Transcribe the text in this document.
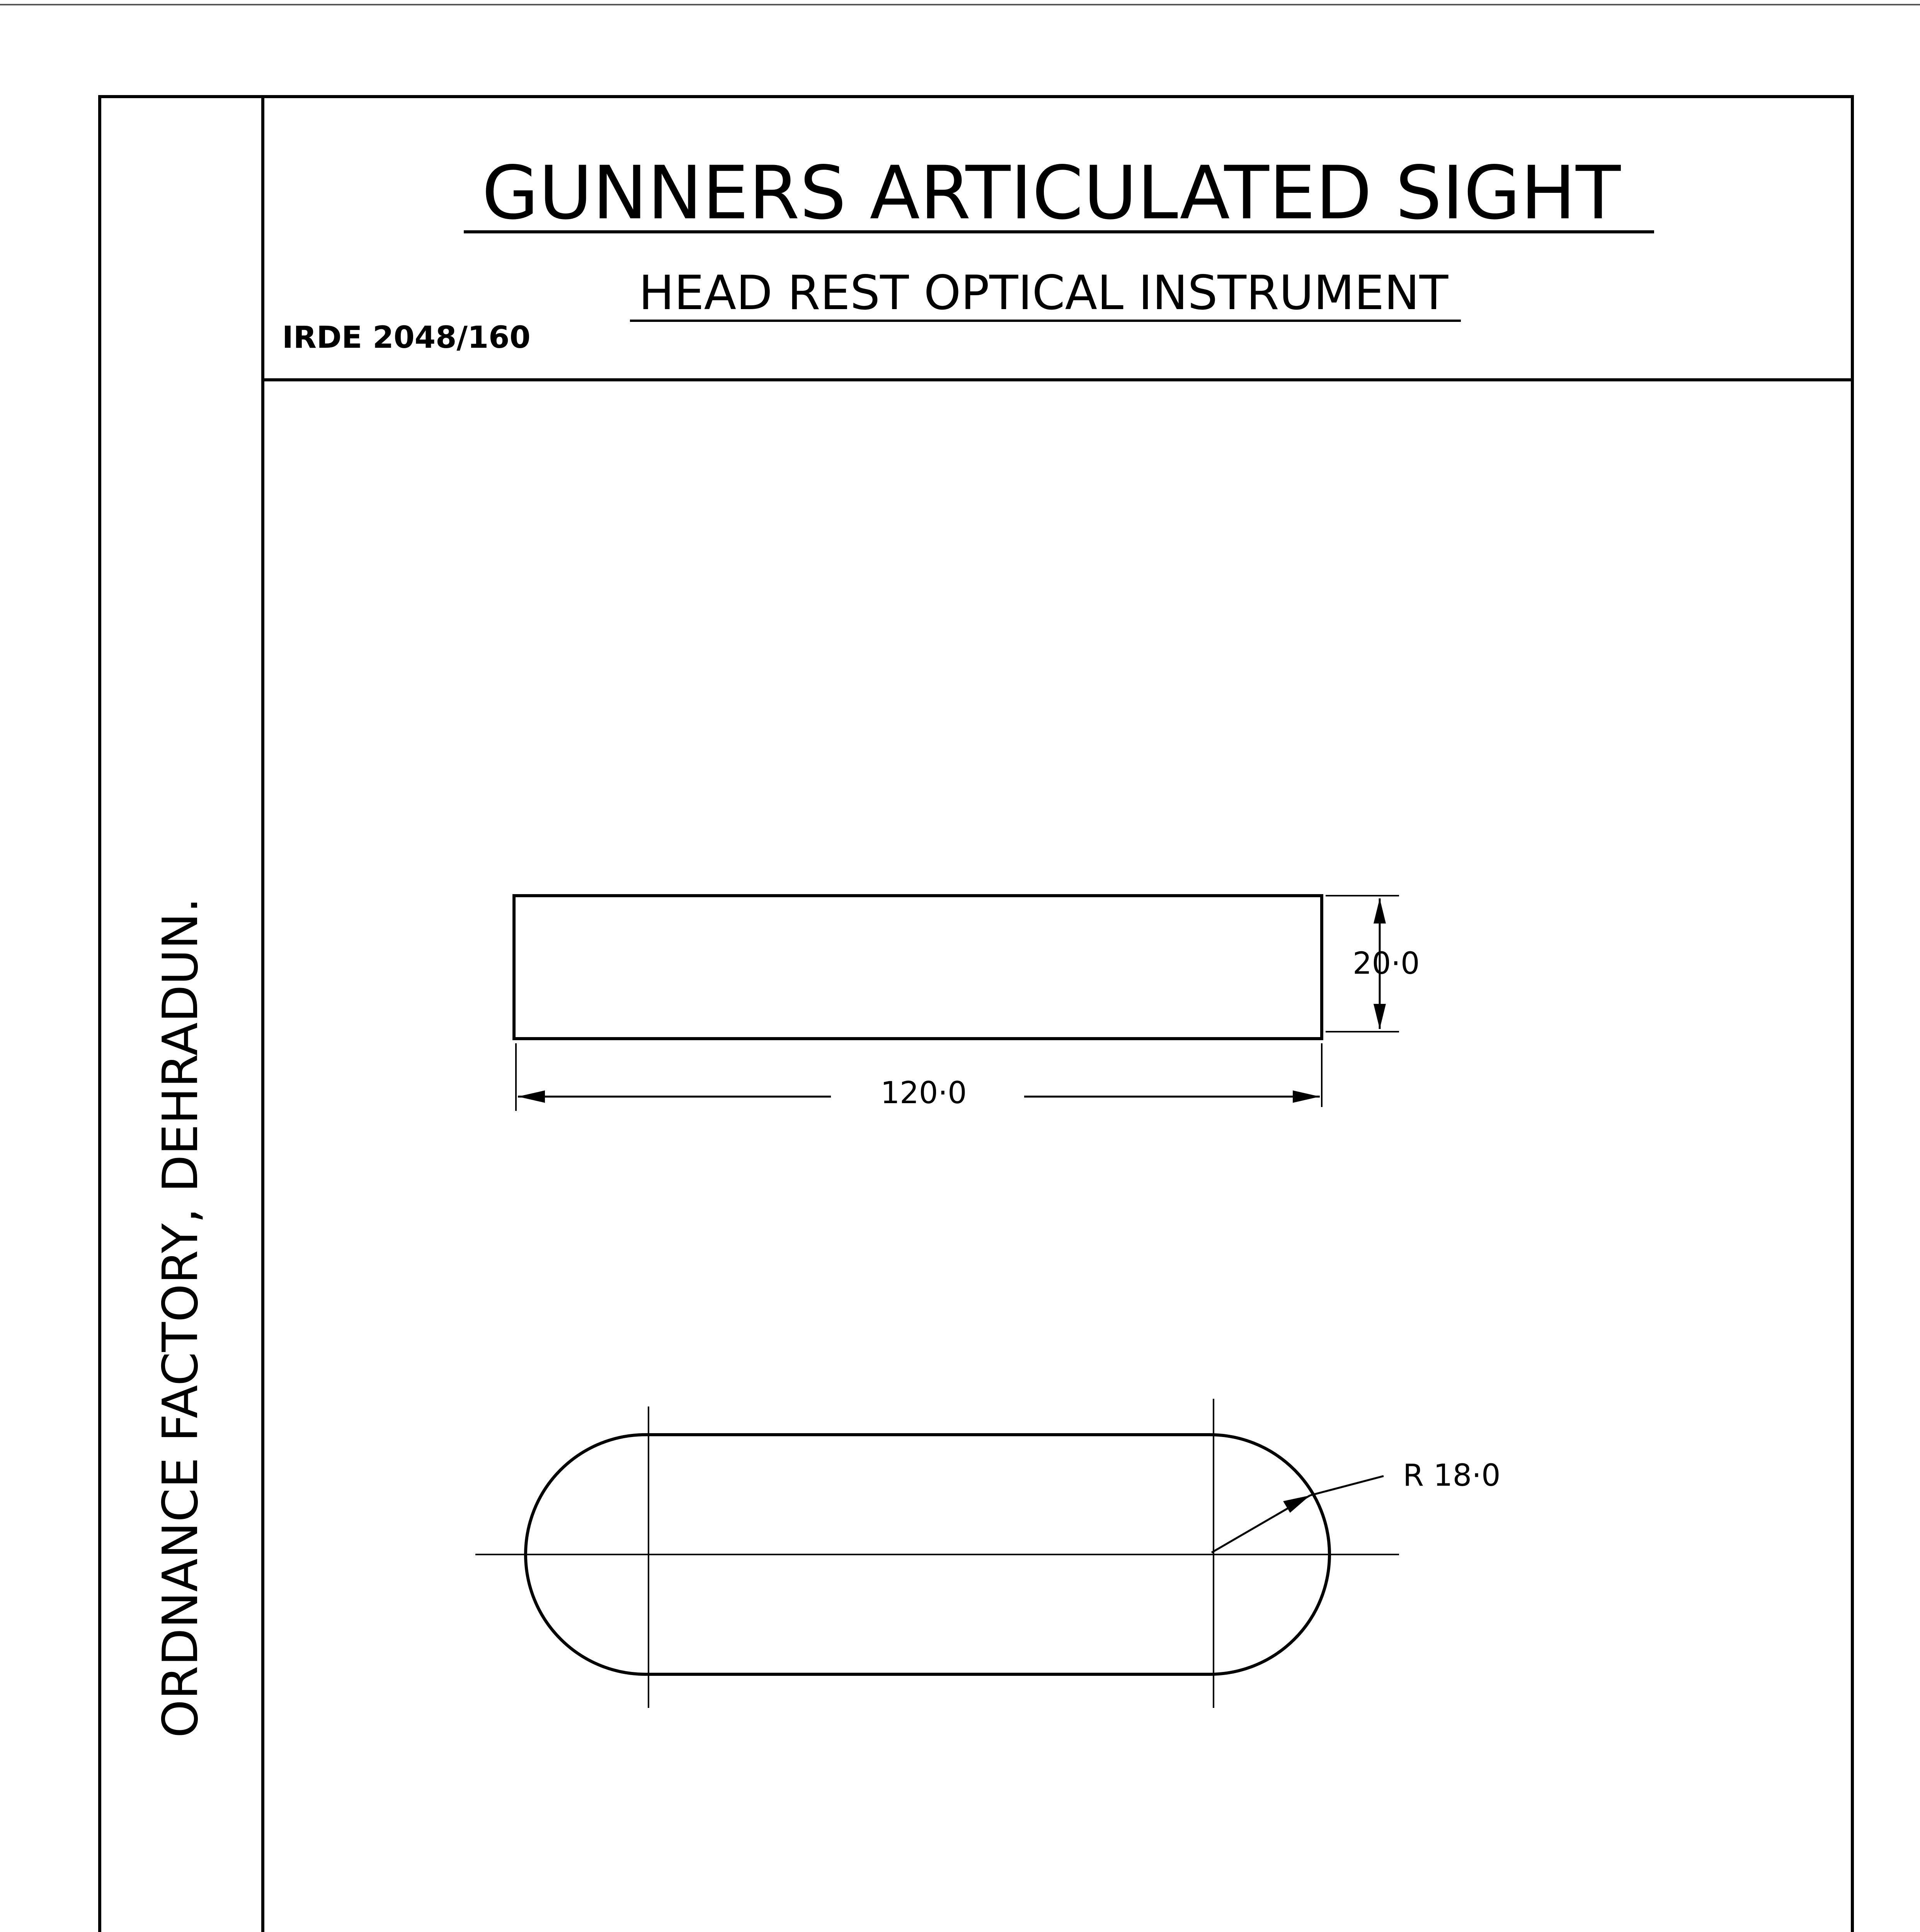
ORDNANCE FACTORY, DEHRADUN.
GUNNERS ARTICULATED SIGHT
HEAD REST OPTICAL INSTRUMENT
IRDE 2048/160
120·0
20·0
R 18·0
